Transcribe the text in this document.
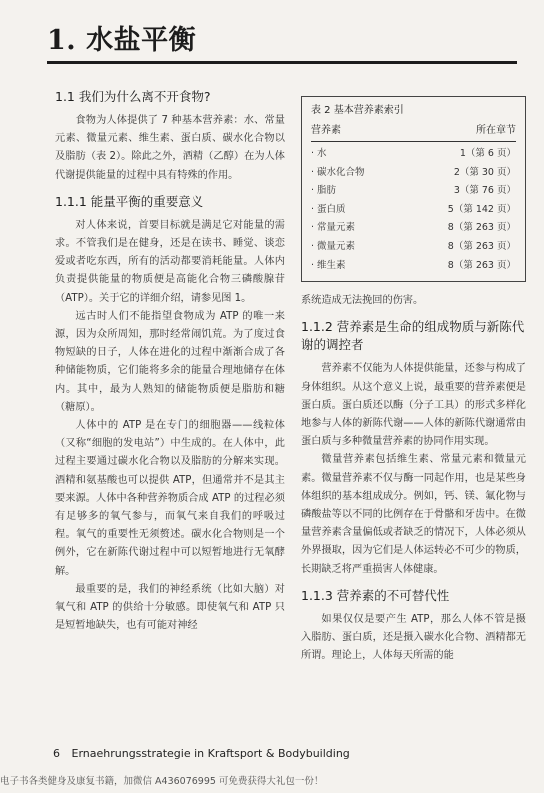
1. 水盐平衡
1.1 我们为什么离不开食物?

食物为人体提供了 7 种基本营养素：水、常量元素、微量元素、维生素、蛋白质、碳水化合物以及脂肪（表 2）。除此之外，酒精（乙醇）在为人体代谢提供能量的过程中具有特殊的作用。

1.1.1 能量平衡的重要意义

对人体来说，首要目标就是满足它对能量的需求。不管我们是在健身，还是在读书、睡觉、谈恋爱或者吃东西，所有的活动都要消耗能量。人体内负责提供能量的物质便是高能化合物三磷酸腺苷（ATP）。关于它的详细介绍，请参见图 1。

远古时人们不能指望食物成为 ATP 的唯一来源，因为众所周知，那时经常闹饥荒。为了度过食物短缺的日子，人体在进化的过程中渐渐合成了各种储能物质，它们能将多余的能量合理地储存在体内。其中，最为人熟知的储能物质便是脂肪和糖（糖原）。

人体中的 ATP 是在专门的细胞器——线粒体（又称“细胞的发电站”）中生成的。在人体中，此过程主要通过碳水化合物以及脂肪的分解来实现。酒精和氨基酸也可以提供 ATP，但通常并不是其主要来源。人体中各种营养物质合成 ATP 的过程必须有足够多的氧气参与，而氧气来自我们的呼吸过程。氧气的重要性无须赘述。碳水化合物则是一个例外，它在新陈代谢过程中可以短暂地进行无氧酵解。

最重要的是，我们的神经系统（比如大脑）对氧气和 ATP 的供给十分敏感。即使氧气和 ATP 只是短暂地缺失，也有可能对神经

表 2 基本营养素索引
营养素	所在章节
· 水	1（第 6 页）
· 碳水化合物	2（第 30 页）
· 脂肪	3（第 76 页）
· 蛋白质	5（第 142 页）
· 常量元素	8（第 263 页）
· 微量元素	8（第 263 页）
· 维生素	8（第 263 页）

系统造成无法挽回的伤害。

1.1.2 营养素是生命的组成物质与新陈代谢的调控者

营养素不仅能为人体提供能量，还参与构成了身体组织。从这个意义上说，最重要的营养素便是蛋白质。蛋白质还以酶（分子工具）的形式多样化地参与人体的新陈代谢——人体的新陈代谢通常由蛋白质与多种微量营养素的协同作用实现。

微量营养素包括维生素、常量元素和微量元素。微量营养素不仅与酶一同起作用，也是某些身体组织的基本组成成分。例如，钙、镁、氟化物与磷酸盐等以不同的比例存在于骨骼和牙齿中。在微量营养素含量偏低或者缺乏的情况下，人体必须从外界摄取，因为它们是人体运转必不可少的物质，长期缺乏将严重损害人体健康。

1.1.3 营养素的不可替代性

如果仅仅是要产生 ATP，那么人体不管是摄入脂肪、蛋白质，还是摄入碳水化合物、酒精都无所谓。理论上，人体每天所需的能

6 Ernaehrungsstrategie in Kraftsport & Bodybuilding
电子书各类健身及康复书籍，加微信 A436076995 可免费获得大礼包一份！
